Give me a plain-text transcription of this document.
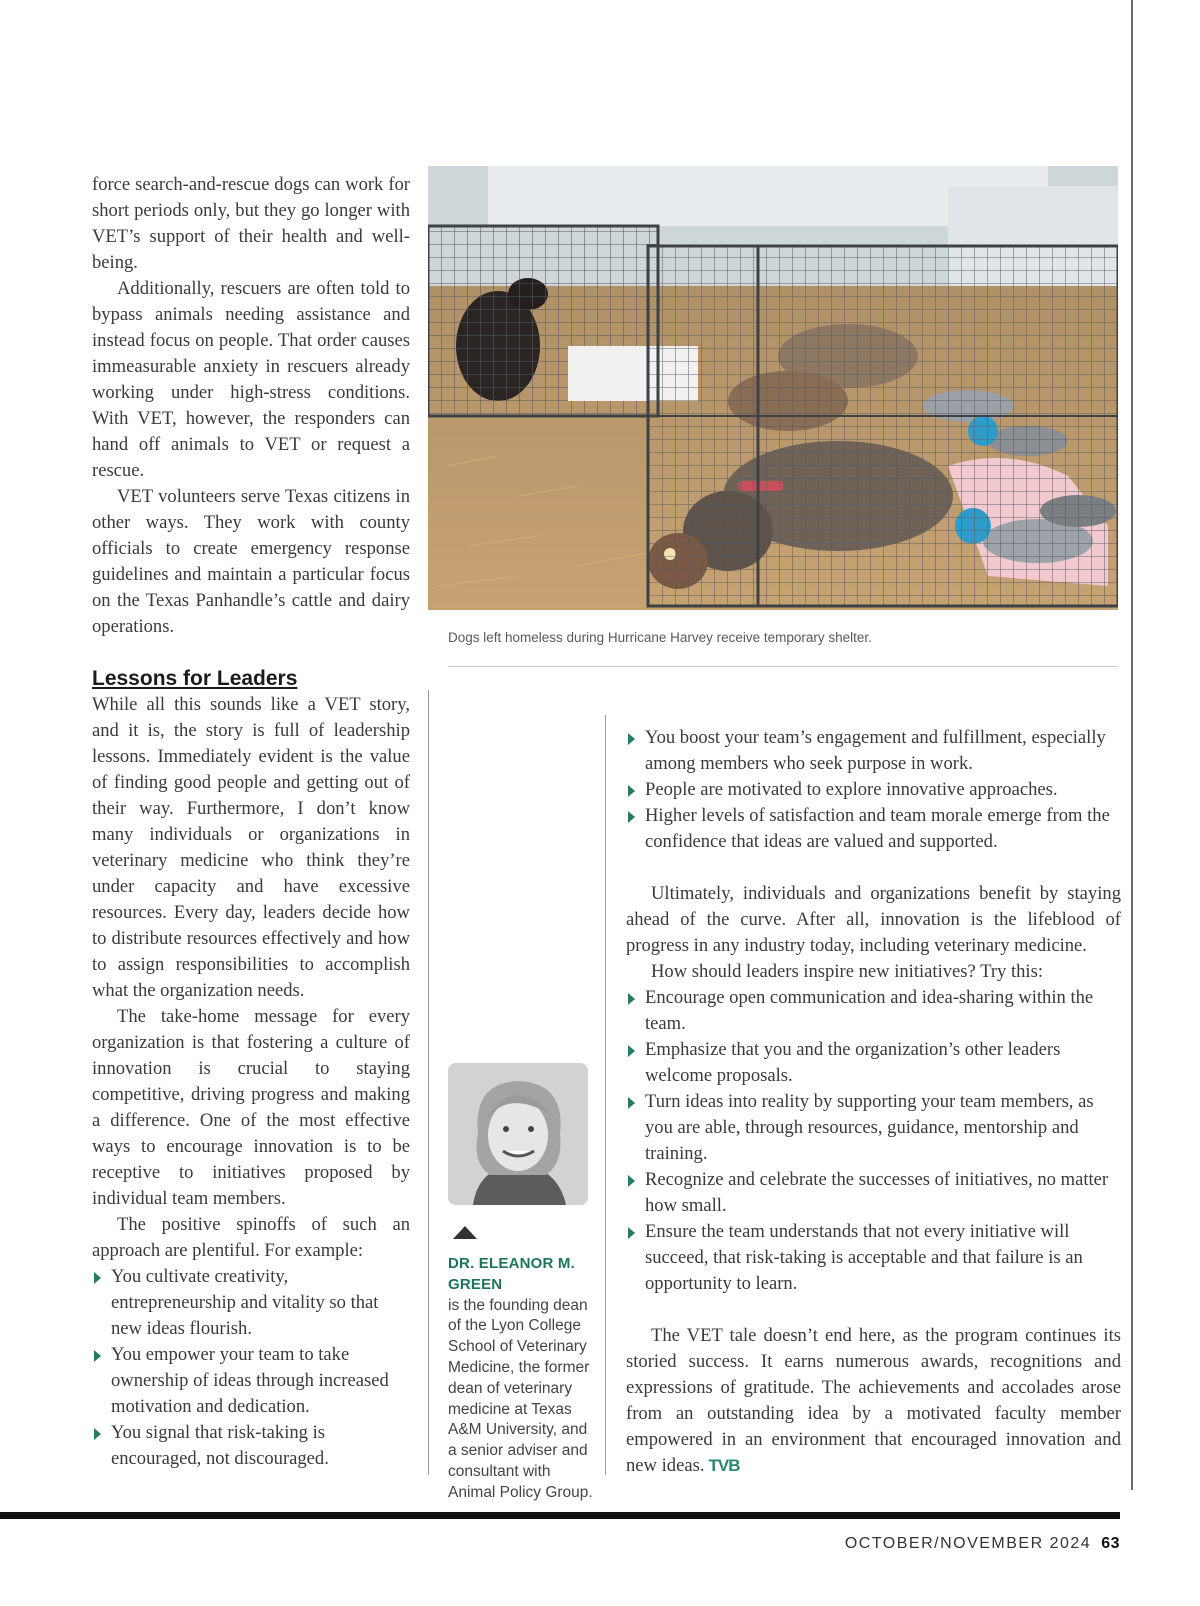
force search-and-rescue dogs can work for short periods only, but they go longer with VET’s support of their health and well-being.

Additionally, rescuers are often told to bypass animals needing assistance and instead focus on people. That order causes immeasurable anxiety in rescuers already working under high-stress conditions. With VET, however, the responders can hand off animals to VET or request a rescue.

VET volunteers serve Texas citizens in other ways. They work with county officials to create emergency response guidelines and maintain a particular focus on the Texas Panhandle’s cattle and dairy operations.

Lessons for Leaders

While all this sounds like a VET story, and it is, the story is full of leadership lessons. Immediately evident is the value of finding good people and getting out of their way. Furthermore, I don’t know many individuals or organizations in veterinary medicine who think they’re under capacity and have excessive resources. Every day, leaders decide how to distribute resources effectively and how to assign responsibilities to accomplish what the organization needs.

The take-home message for every organization is that fostering a culture of innovation is crucial to staying competitive, driving progress and making a difference. One of the most effective ways to encourage innovation is to be receptive to initiatives proposed by individual team members.

The positive spinoffs of such an approach are plentiful. For example:

You cultivate creativity, entrepreneurship and vitality so that new ideas flourish.
You empower your team to take ownership of ideas through increased motivation and dedication.
You signal that risk-taking is encouraged, not discouraged.
Dogs left homeless during Hurricane Harvey receive temporary shelter.
DR. ELEANOR M. GREEN
is the founding dean of the Lyon College School of Veterinary Medicine, the former dean of veterinary medicine at Texas A&M University, and a senior adviser and consultant with Animal Policy Group.
You boost your team’s engagement and fulfillment, especially among members who seek purpose in work.
People are motivated to explore innovative approaches.
Higher levels of satisfaction and team morale emerge from the confidence that ideas are valued and supported.

Ultimately, individuals and organizations benefit by staying ahead of the curve. After all, innovation is the lifeblood of progress in any industry today, including veterinary medicine.

How should leaders inspire new initiatives? Try this:

Encourage open communication and idea-sharing within the team.
Emphasize that you and the organization’s other leaders welcome proposals.
Turn ideas into reality by supporting your team members, as you are able, through resources, guidance, mentorship and training.
Recognize and celebrate the successes of initiatives, no matter how small.
Ensure the team understands that not every initiative will succeed, that risk-taking is acceptable and that failure is an opportunity to learn.

The VET tale doesn’t end here, as the program continues its storied success. It earns numerous awards, recognitions and expressions of gratitude. The achievements and accolades arose from an outstanding idea by a motivated faculty member empowered in an environment that encouraged innovation and new ideas. TVB

OCTOBER/NOVEMBER 2024 63
